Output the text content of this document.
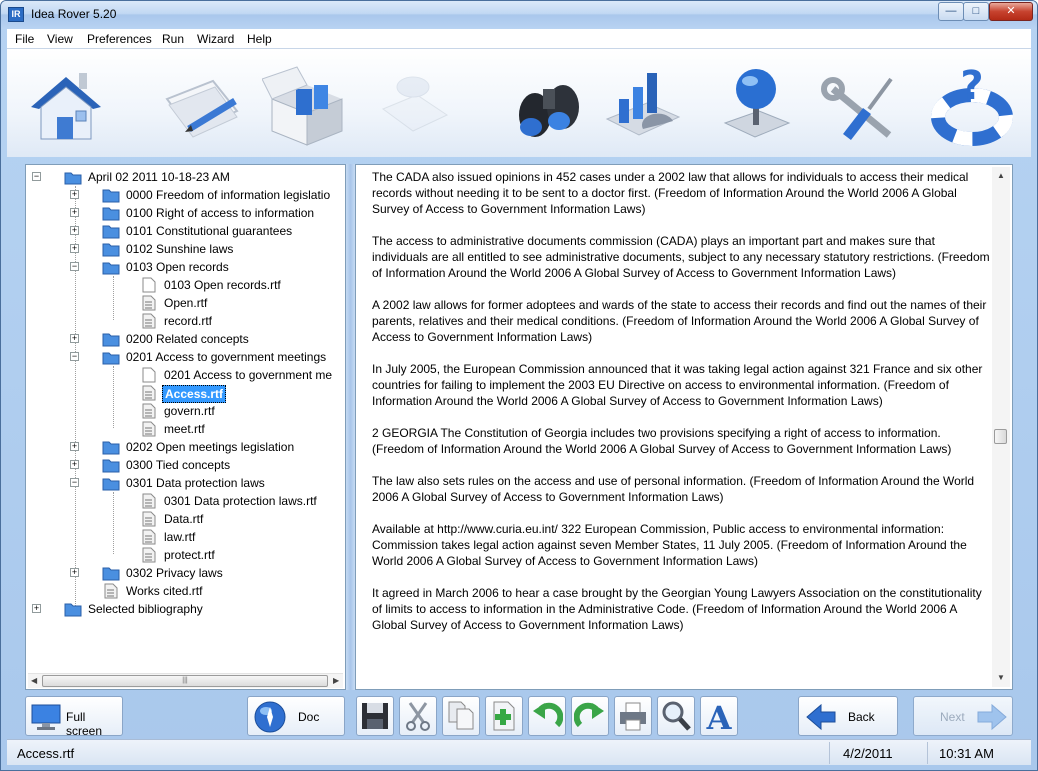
IR Idea Rover 5.20	—	□	✕
File View Preferences Run Wizard Help
?
−	April 02 2011 10-18-23 AM
+	0000 Freedom of information legislatio
+	0100 Right of access to information
+	0101 Constitutional guarantees
+	0102 Sunshine laws
−	0103 Open records
0103 Open records.rtf
Open.rtf
record.rtf
+	0200 Related concepts
−	0201 Access to government meetings
0201 Access to government me
Access.rtf
govern.rtf
meet.rtf
+	0202 Open meetings legislation
+	0300 Tied concepts
−	0301 Data protection laws
0301 Data protection laws.rtf
Data.rtf
law.rtf
protect.rtf
+	0302 Privacy laws
Works cited.rtf
+	Selected bibliography
◀	|||	▶

The CADA also issued opinions in 452 cases under a 2002 law that allows for individuals to access their medical records without needing it to be sent to a doctor first. (Freedom of Information Around the World 2006 A Global Survey of Access to Government Information Laws)

The access to administrative documents commission (CADA) plays an important part and makes sure that individuals are all entitled to see administrative documents, subject to any necessary statutory restrictions. (Freedom of Information Around the World 2006 A Global Survey of Access to Government Information Laws)

A 2002 law allows for former adoptees and wards of the state to access their records and find out the names of their parents, relatives and their medical conditions. (Freedom of Information Around the World 2006 A Global Survey of Access to Government Information Laws)

In July 2005, the European Commission announced that it was taking legal action against 321 France and six other countries for failing to implement the 2003 EU Directive on access to environmental information. (Freedom of Information Around the World 2006 A Global Survey of Access to Government Information Laws)

2 GEORGIA The Constitution of Georgia includes two provisions specifying a right of access to information. (Freedom of Information Around the World 2006 A Global Survey of Access to Government Information Laws)

The law also sets rules on the access and use of personal information. (Freedom of Information Around the World 2006 A Global Survey of Access to Government Information Laws)

Available at http://www.curia.eu.int/ 322 European Commission, Public access to environmental information: Commission takes legal action against seven Member States, 11 July 2005. (Freedom of Information Around the World 2006 A Global Survey of Access to Government Information Laws)

It agreed in March 2006 to hear a case brought by the Georgian Young Lawyers Association on the constitutionality of limits to access to information in the Administrative Code. (Freedom of Information Around the World 2006 A Global Survey of Access to Government Information Laws)

▲
▼
Full screen
Doc	A	Back	Next
Access.rtf	4/2/2011	10:31 AM
